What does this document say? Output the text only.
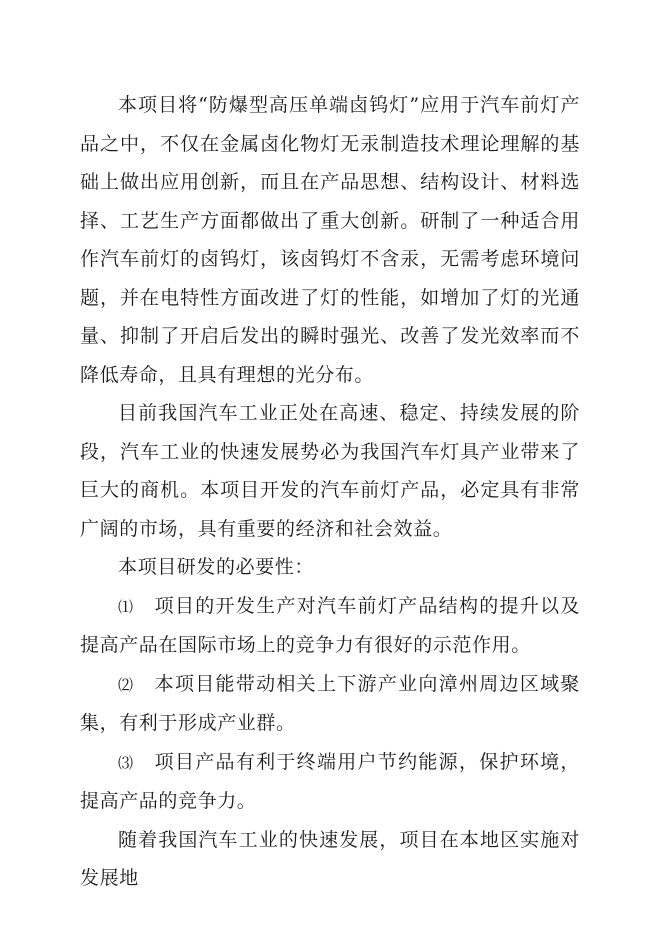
本项目将“防爆型高压单端卤钨灯”应用于汽车前灯产品之中，不仅在金属卤化物灯无汞制造技术理论理解的基础上做出应用创新，而且在产品思想、结构设计、材料选择、工艺生产方面都做出了重大创新。研制了一种适合用作汽车前灯的卤钨灯，该卤钨灯不含汞，无需考虑环境问题，并在电特性方面改进了灯的性能，如增加了灯的光通量、抑制了开启后发出的瞬时强光、改善了发光效率而不降低寿命，且具有理想的光分布。

目前我国汽车工业正处在高速、稳定、持续发展的阶段，汽车工业的快速发展势必为我国汽车灯具产业带来了巨大的商机。本项目开发的汽车前灯产品，必定具有非常广阔的市场，具有重要的经济和社会效益。

本项目研发的必要性：

⑴ 项目的开发生产对汽车前灯产品结构的提升以及提高产品在国际市场上的竞争力有很好的示范作用。

⑵ 本项目能带动相关上下游产业向漳州周边区域聚集，有利于形成产业群。

⑶ 项目产品有利于终端用户节约能源，保护环境，提高产品的竞争力。

随着我国汽车工业的快速发展，项目在本地区实施对发展地
